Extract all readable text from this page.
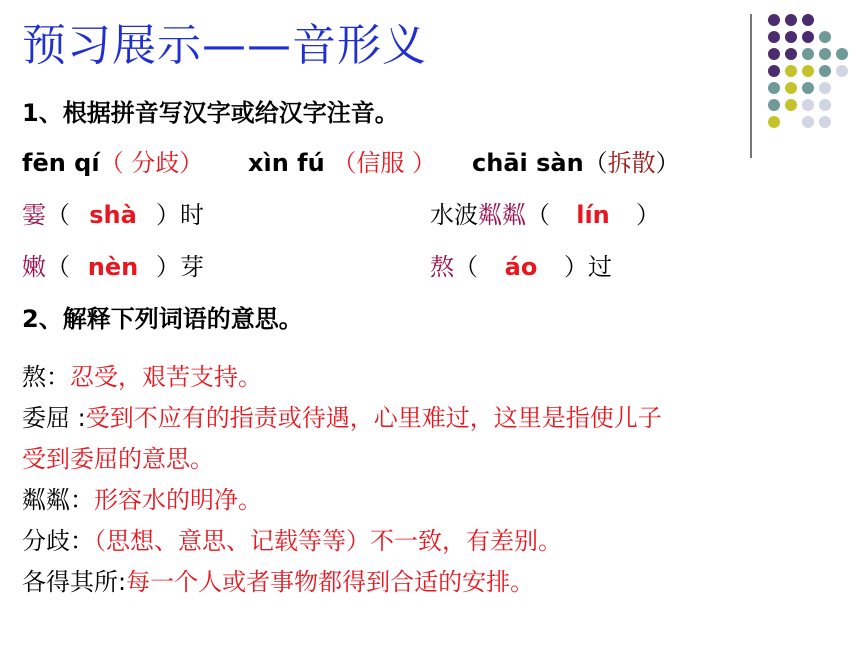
预习展示——音形义
1、根据拼音写汉字或给汉字注音。
fēn qí（ 分歧） xìn fú （信服 ） chāi sàn（拆散）
霎（ shà ）时	水波粼粼（ lín ）
嫩（ nèn ）芽	熬（ áo ）过
2、解释下列词语的意思。
熬：忍受，艰苦支持。
委屈 :受到不应有的指责或待遇，心里难过，这里是指使儿子
受到委屈的意思。
粼粼：形容水的明净。
分歧：（思想、意思、记载等等）不一致，有差别。
各得其所:每一个人或者事物都得到合适的安排。
